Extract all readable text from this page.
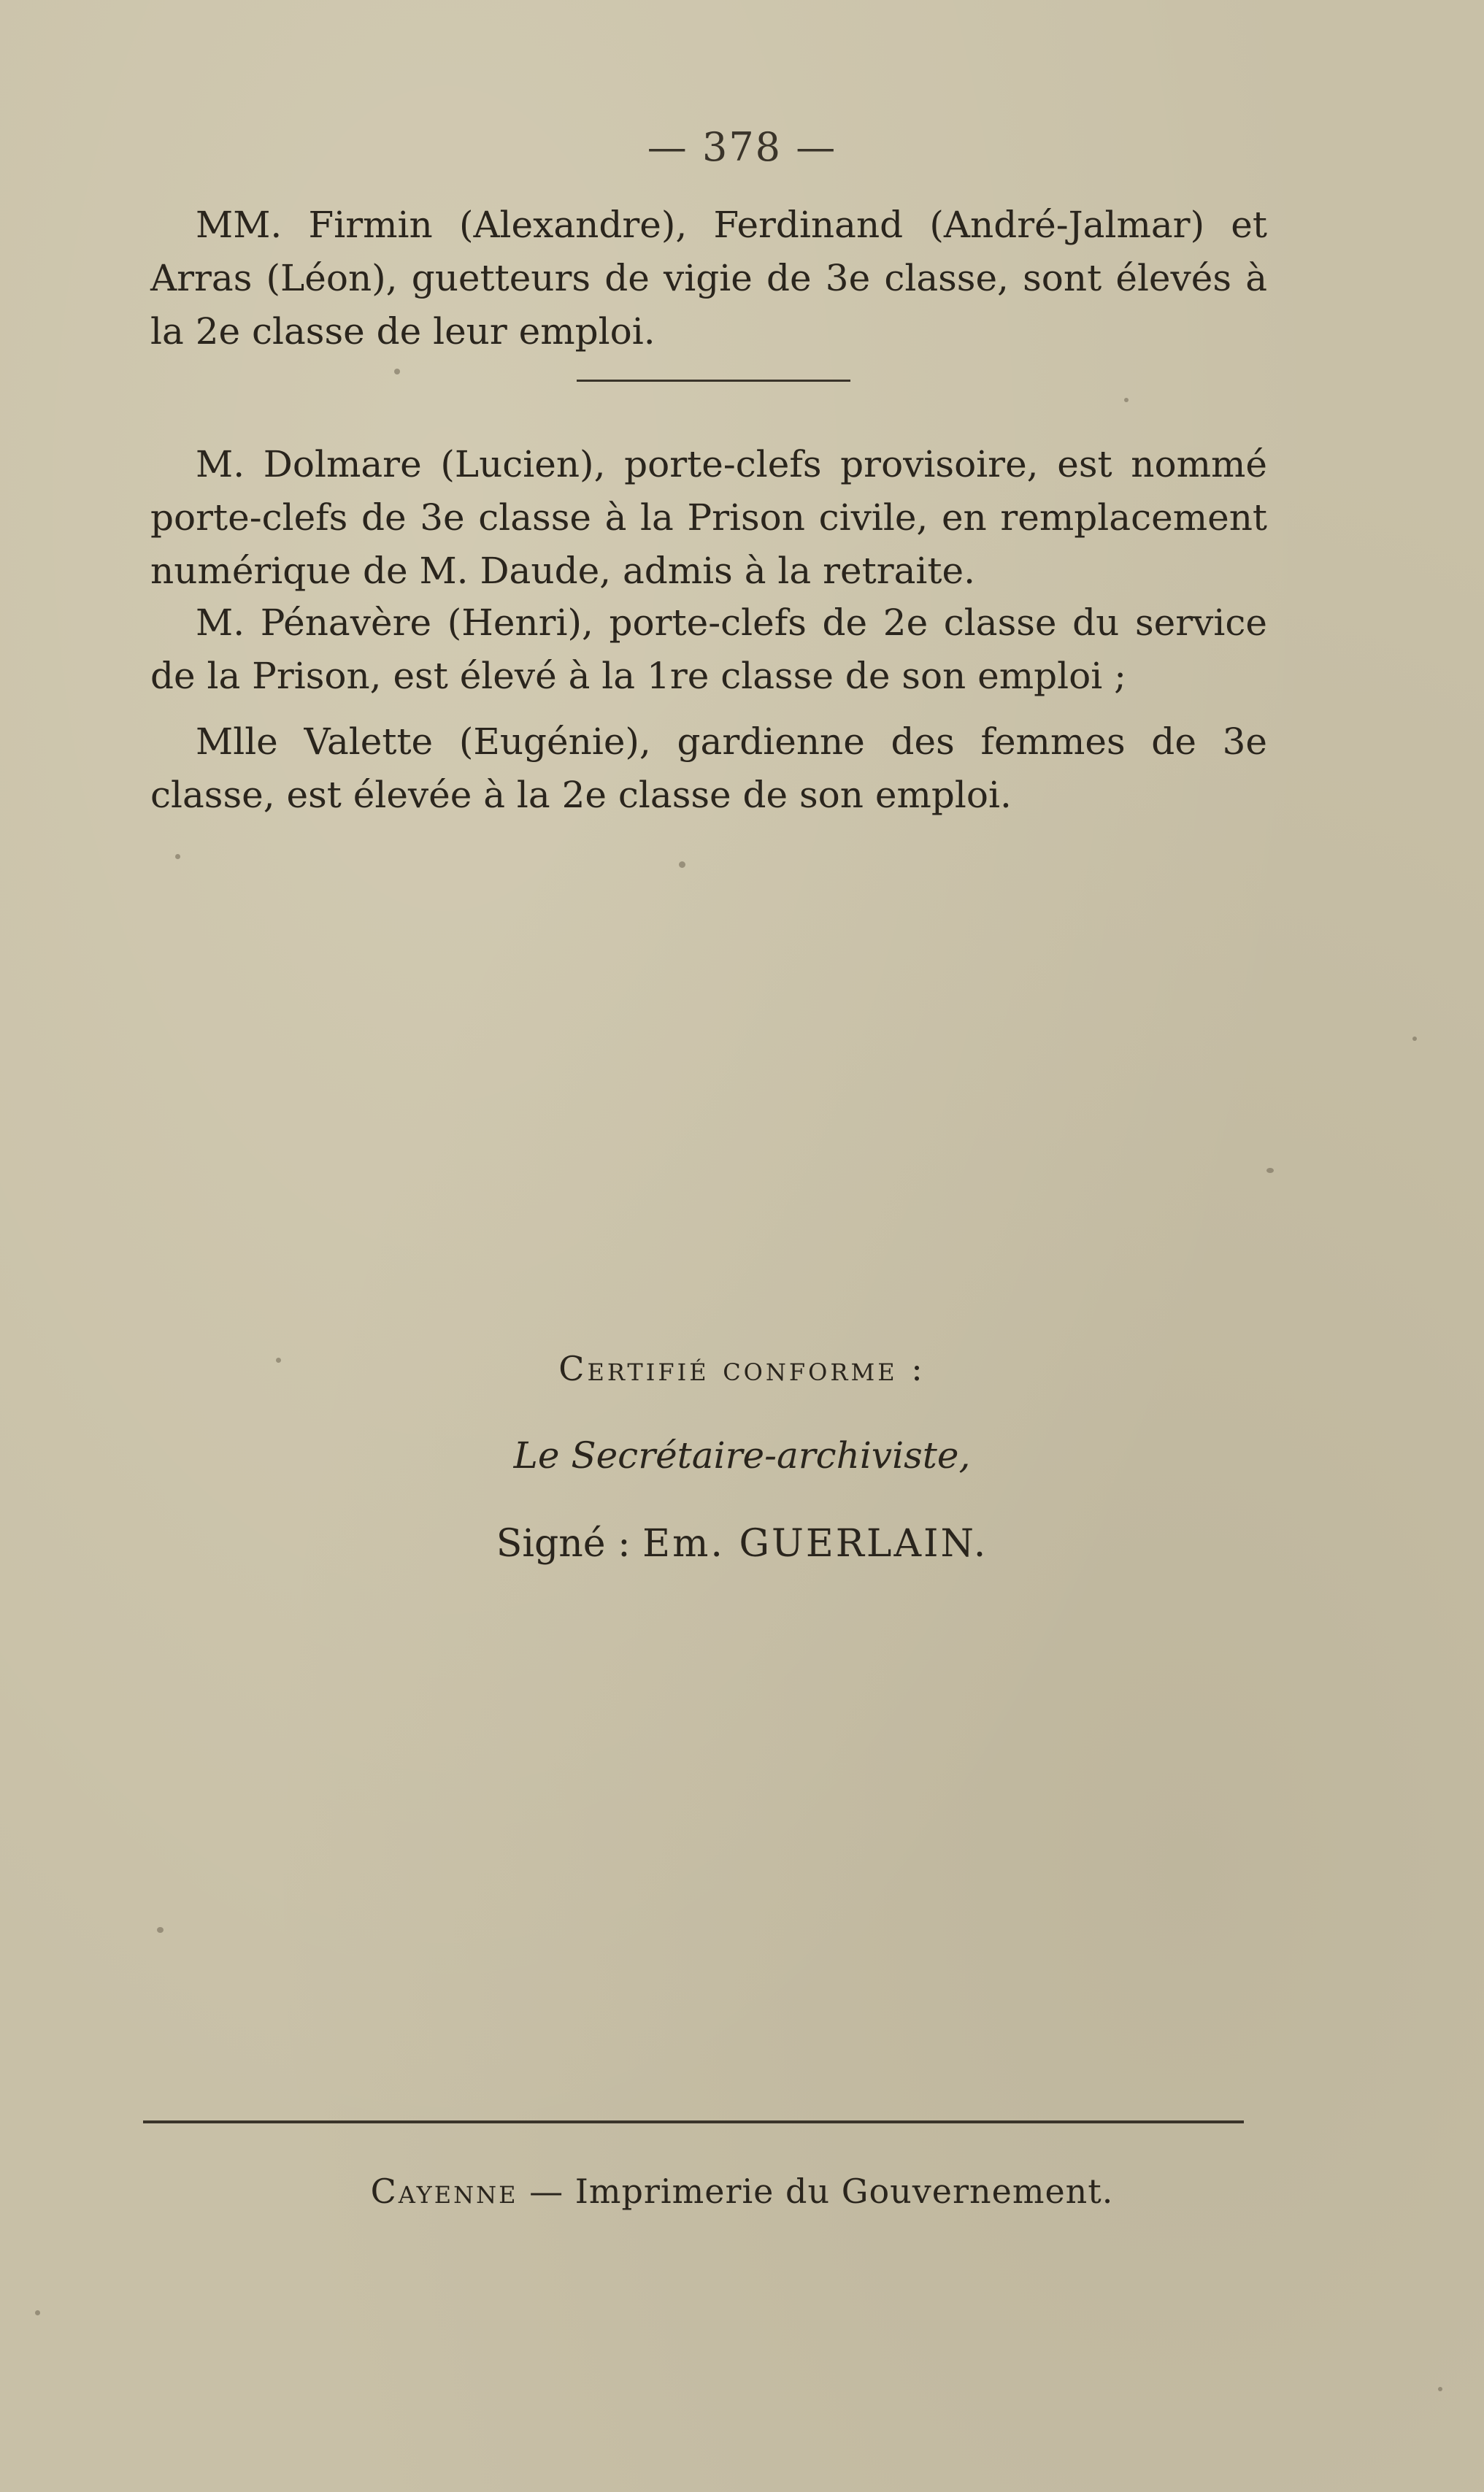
— 378 —

MM. Firmin (Alexandre), Ferdinand (André-Jalmar) et Arras (Léon), guetteurs de vigie de 3e classe, sont élevés à la 2e classe de leur emploi.

M. Dolmare (Lucien), porte-clefs provisoire, est nommé porte-clefs de 3e classe à la Prison civile, en remplacement numérique de M. Daude, admis à la retraite.

M. Pénavère (Henri), porte-clefs de 2e classe du service de la Prison, est élevé à la 1re classe de son emploi ;

Mlle Valette (Eugénie), gardienne des femmes de 3e classe, est élevée à la 2e classe de son emploi.

Certifié conforme :
Le Secrétaire-archiviste,
Signé : Em. GUERLAIN.
Cayenne — Imprimerie du Gouvernement.
